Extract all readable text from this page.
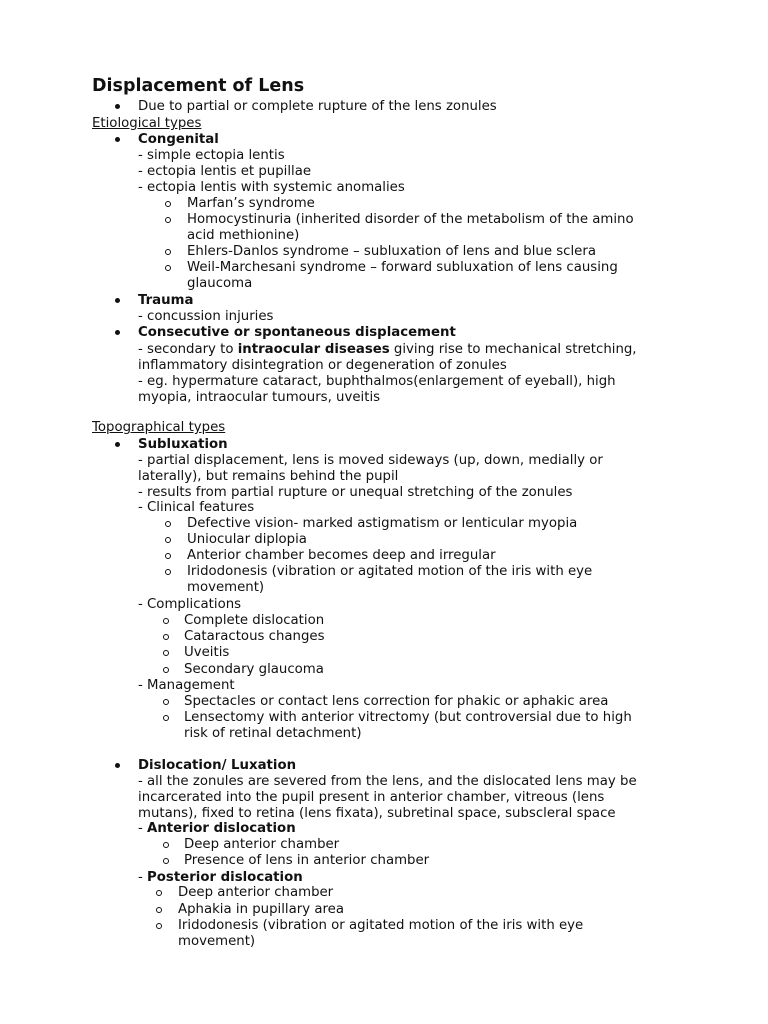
Displacement of Lens
Due to partial or complete rupture of the lens zonules
Etiological types
Congenital
- simple ectopia lentis
- ectopia lentis et pupillae
- ectopia lentis with systemic anomalies
Marfan’s syndrome
Homocystinuria (inherited disorder of the metabolism of the amino
acid methionine)
Ehlers-Danlos syndrome – subluxation of lens and blue sclera
Weil-Marchesani syndrome – forward subluxation of lens causing
glaucoma
Trauma
- concussion injuries
Consecutive or spontaneous displacement
- secondary to intraocular diseases giving rise to mechanical stretching,
inflammatory disintegration or degeneration of zonules
- eg. hypermature cataract, buphthalmos(enlargement of eyeball), high
myopia, intraocular tumours, uveitis
Topographical types
Subluxation
- partial displacement, lens is moved sideways (up, down, medially or
laterally), but remains behind the pupil
- results from partial rupture or unequal stretching of the zonules
- Clinical features
Defective vision- marked astigmatism or lenticular myopia
Uniocular diplopia
Anterior chamber becomes deep and irregular
Iridodonesis (vibration or agitated motion of the iris with eye
movement)
- Complications
Complete dislocation
Cataractous changes
Uveitis
Secondary glaucoma
- Management
Spectacles or contact lens correction for phakic or aphakic area
Lensectomy with anterior vitrectomy (but controversial due to high
risk of retinal detachment)
Dislocation/ Luxation
- all the zonules are severed from the lens, and the dislocated lens may be
incarcerated into the pupil present in anterior chamber, vitreous (lens
mutans), fixed to retina (lens fixata), subretinal space, subscleral space
- Anterior dislocation
Deep anterior chamber
Presence of lens in anterior chamber
- Posterior dislocation
Deep anterior chamber
Aphakia in pupillary area
Iridodonesis (vibration or agitated motion of the iris with eye
movement)
